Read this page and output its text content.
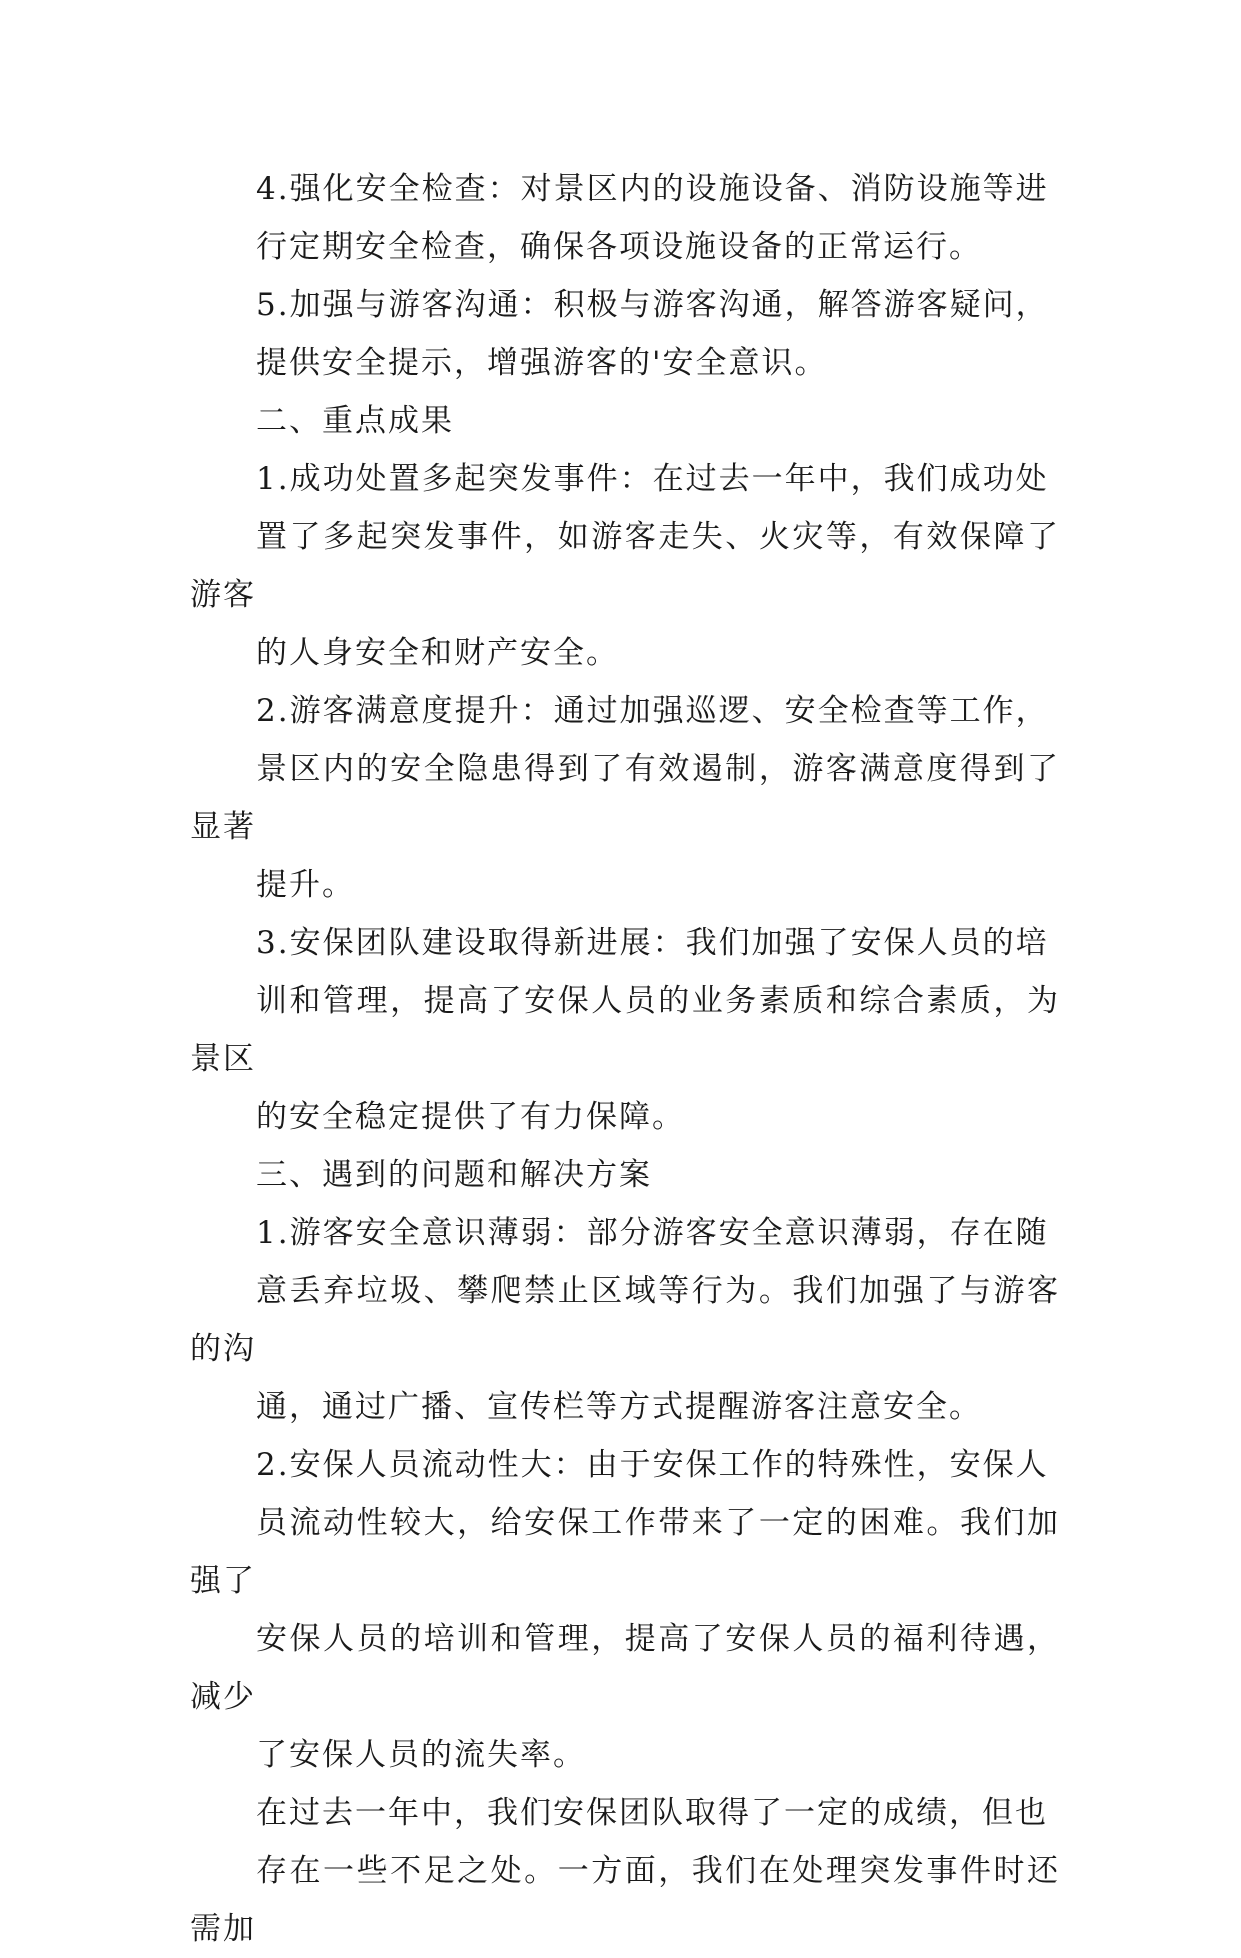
4.强化安全检查：对景区内的设施设备、消防设施等进
行定期安全检查，确保各项设施设备的正常运行。

5.加强与游客沟通：积极与游客沟通，解答游客疑问，
提供安全提示，增强游客的'安全意识。

二、重点成果

1.成功处置多起突发事件：在过去一年中，我们成功处
置了多起突发事件，如游客走失、火灾等，有效保障了游客
的人身安全和财产安全。

2.游客满意度提升：通过加强巡逻、安全检查等工作，
景区内的安全隐患得到了有效遏制，游客满意度得到了显著
提升。

3.安保团队建设取得新进展：我们加强了安保人员的培
训和管理，提高了安保人员的业务素质和综合素质，为景区
的安全稳定提供了有力保障。

三、遇到的问题和解决方案

1.游客安全意识薄弱：部分游客安全意识薄弱，存在随
意丢弃垃圾、攀爬禁止区域等行为。我们加强了与游客的沟
通，通过广播、宣传栏等方式提醒游客注意安全。

2.安保人员流动性大：由于安保工作的特殊性，安保人
员流动性较大，给安保工作带来了一定的困难。我们加强了
安保人员的培训和管理，提高了安保人员的福利待遇，减少
了安保人员的流失率。

在过去一年中，我们安保团队取得了一定的成绩，但也
存在一些不足之处。一方面，我们在处理突发事件时还需加
